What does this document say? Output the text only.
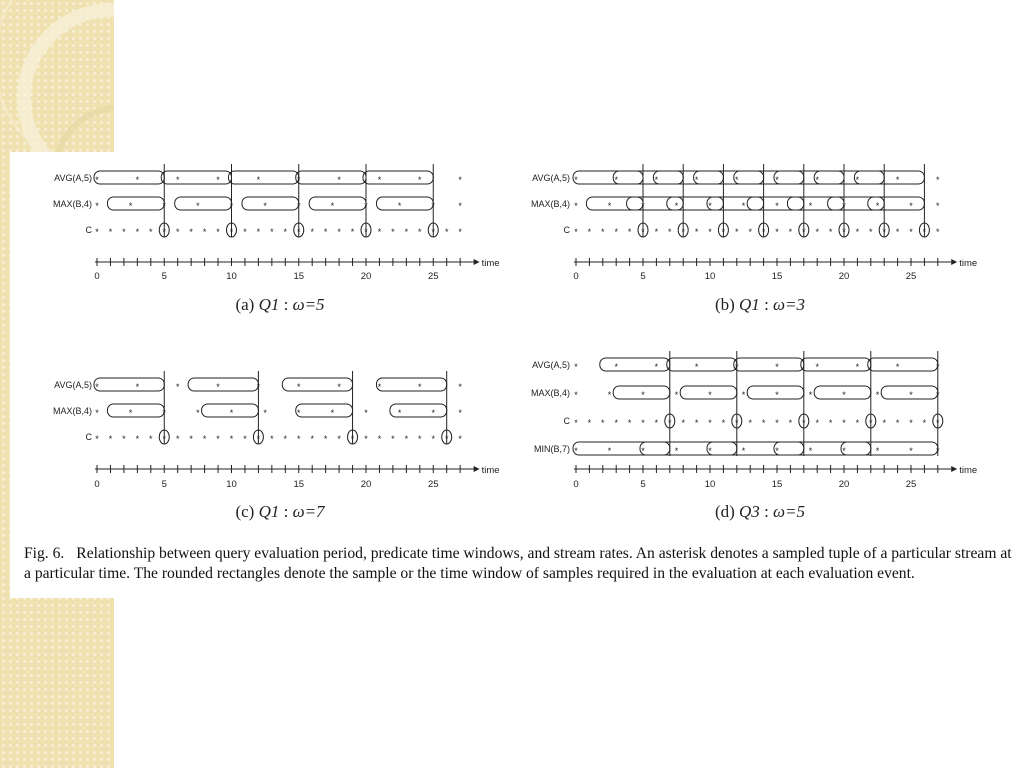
AVG(A,5) *	*	*	*	*	*	*	*	*	*
MAX(B,4) *	*	*	*	*	*	*	*	*	*	*	*
C * * * * * * * * * * * * * * * * * * * * * * * * * * * *
0	5	10	15	20	25
time
(a) Q1 : ω=5
AVG(A,5) *	*	*	*	*	*	*	*	*	*
MAX(B,4) *	*	*	*	*	*	*	*	*	*	*	*
C * * * * * * * * * * * * * * * * * * * * * * * * * * * *
0	5	10	15	20	25
time
(b) Q1 : ω=3
AVG(A,5) *	*	*	*	*	*	*	*	*	*
MAX(B,4) *	*	*	*	*	*	*	*	*	*	*	*
C * * * * * * * * * * * * * * * * * * * * * * * * * * * *
0	5	10	15	20	25
time
(c) Q1 : ω=7
AVG(A,5) *	*	*	*	*	*	*	*	*	*
MAX(B,4) *	*	*	*	*	*	*	*	*	*	*	*
C * * * * * * * * * * * * * * * * * * * * * * * * * * * *
MIN(B,7) *	*	*	*	*	*	*	*	*	*	*	*
0	5	10	15	20	25
time
(d) Q3 : ω=5

Fig. 6. Relationship between query evaluation period, predicate time windows, and stream rates. An asterisk denotes a sampled tuple of a particular stream at a particular time. The rounded rectangles denote the sample or the time window of samples required in the evaluation at each evaluation event.
